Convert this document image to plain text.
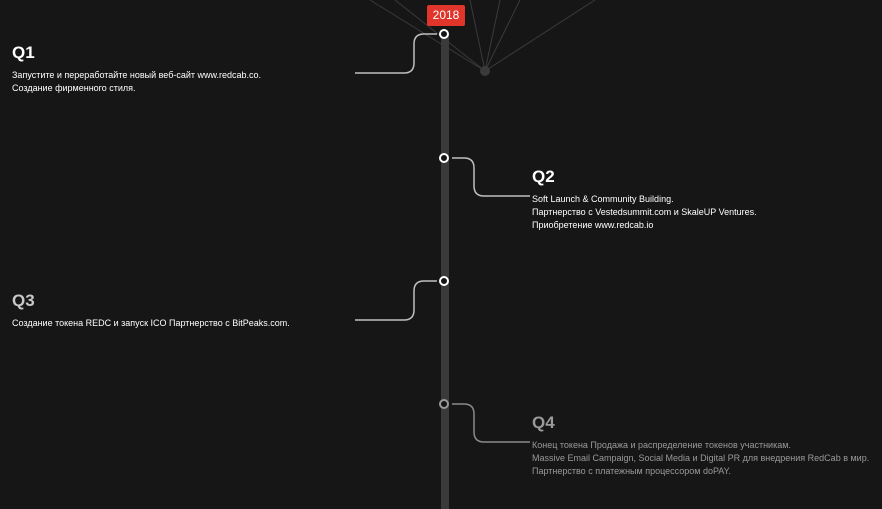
2018
Q1
Запустите и переработайте новый веб-сайт www.redcab.co.
Создание фирменного стиля.
Q2
Soft Launch & Community Building.
Партнерство с Vestedsummit.com и SkaleUP Ventures.
Приобретение www.redcab.io
Q3
Создание токена REDC и запуск ICO Партнерство с BitPeaks.com.
Q4
Конец токена Продажа и распределение токенов участникам.
Massive Email Campaign, Social Media и Digital PR для внедрения RedCab в мир.
Партнерство с платежным процессором doPAY.
